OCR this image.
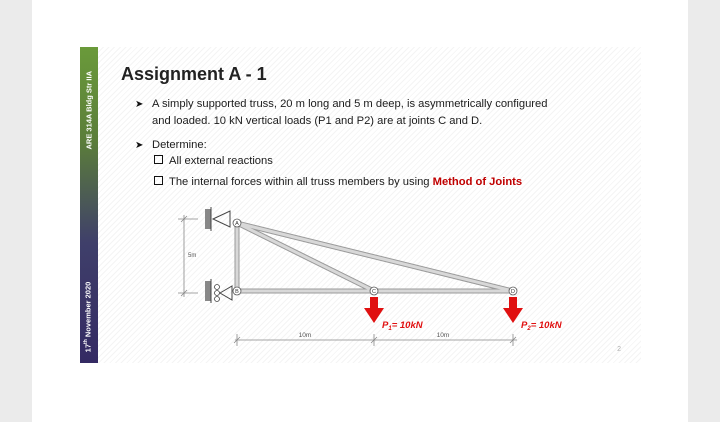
ARE 314A Bldg Str IIA
17th November 2020
Assignment A - 1
➤ A simply supported truss, 20 m long and 5 m deep, is asymmetrically configured
and loaded. 10 kN vertical loads (P1 and P2) are at joints C and D.
➤ Determine:
All external reactions
The internal forces within all truss members by using Method of Joints
5m
A
B	C	D
$P_1= 10kN$	$P_2= 10kN$
10m	10m
2
